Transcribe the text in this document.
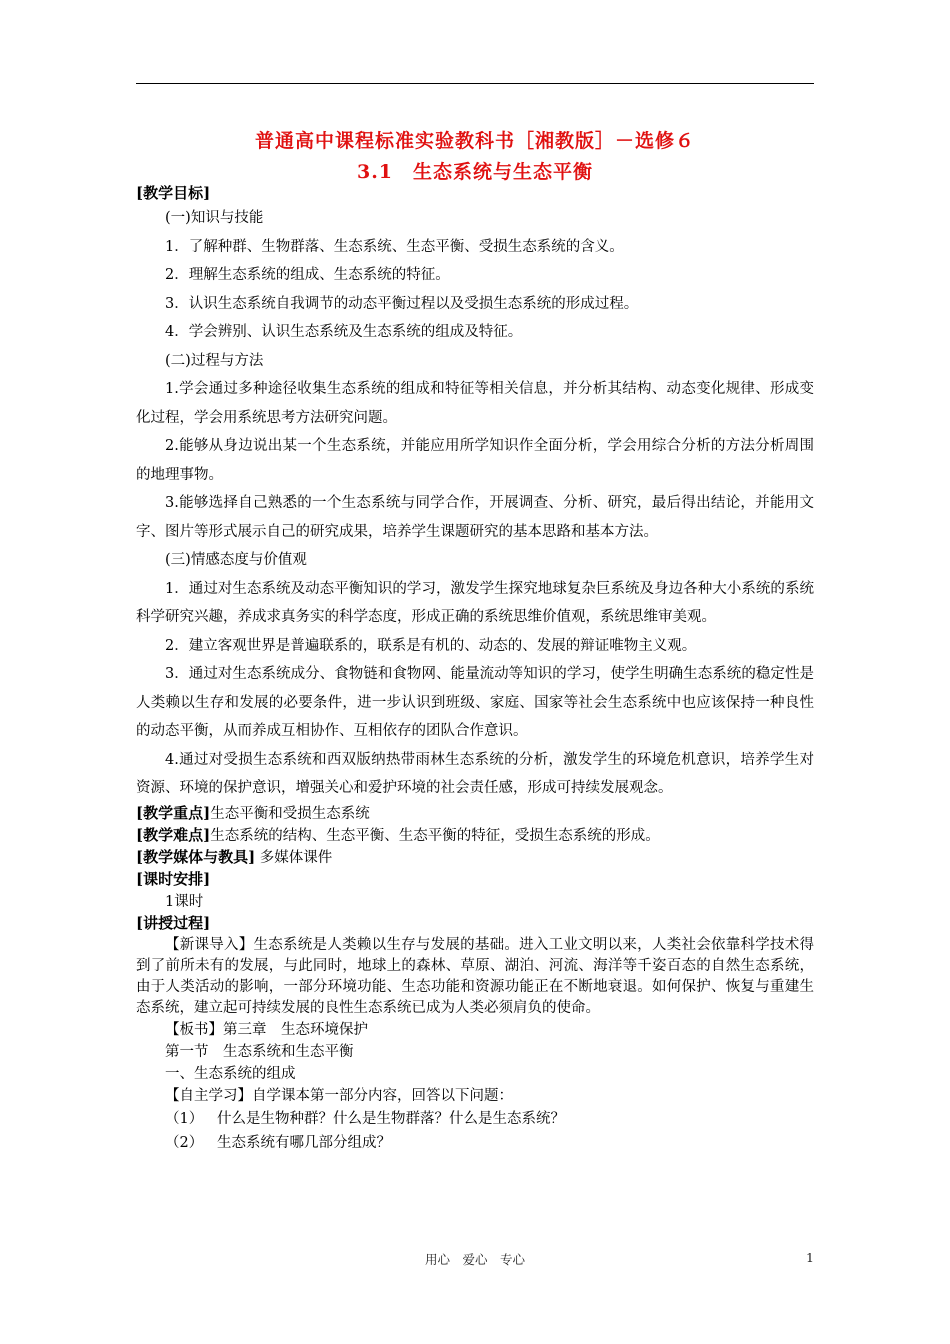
普通高中课程标准实验教科书［湘教版］－选修６
3.1　生态系统与生态平衡

[教学目标]

(一)知识与技能

1．了解种群、生物群落、生态系统、生态平衡、受损生态系统的含义。

2．理解生态系统的组成、生态系统的特征。

3．认识生态系统自我调节的动态平衡过程以及受损生态系统的形成过程。

4．学会辨别、认识生态系统及生态系统的组成及特征。

(二)过程与方法

1.学会通过多种途径收集生态系统的组成和特征等相关信息，并分析其结构、动态变化规律、形成变化过程，学会用系统思考方法研究问题。

2.能够从身边说出某一个生态系统，并能应用所学知识作全面分析，学会用综合分析的方法分析周围的地理事物。

3.能够选择自己熟悉的一个生态系统与同学合作，开展调查、分析、研究，最后得出结论，并能用文字、图片等形式展示自己的研究成果，培养学生课题研究的基本思路和基本方法。

(三)情感态度与价值观

1．通过对生态系统及动态平衡知识的学习，激发学生探究地球复杂巨系统及身边各种大小系统的系统科学研究兴趣，养成求真务实的科学态度，形成正确的系统思维价值观，系统思维审美观。

2．建立客观世界是普遍联系的，联系是有机的、动态的、发展的辩证唯物主义观。

3．通过对生态系统成分、食物链和食物网、能量流动等知识的学习，使学生明确生态系统的稳定性是人类赖以生存和发展的必要条件，进一步认识到班级、家庭、国家等社会生态系统中也应该保持一种良性的动态平衡，从而养成互相协作、互相依存的团队合作意识。

4.通过对受损生态系统和西双版纳热带雨林生态系统的分析，激发学生的环境危机意识，培养学生对资源、环境的保护意识，增强关心和爱护环境的社会责任感，形成可持续发展观念。

[教学重点]生态平衡和受损生态系统

[教学难点]生态系统的结构、生态平衡、生态平衡的特征，受损生态系统的形成。

[教学媒体与教具] 多媒体课件

[课时安排]

1课时

[讲授过程]

【新课导入】生态系统是人类赖以生存与发展的基础。进入工业文明以来，人类社会依靠科学技术得到了前所未有的发展，与此同时，地球上的森林、草原、湖泊、河流、海洋等千姿百态的自然生态系统，由于人类活动的影响，一部分环境功能、生态功能和资源功能正在不断地衰退。如何保护、恢复与重建生态系统，建立起可持续发展的良性生态系统已成为人类必须肩负的使命。

【板书】第三章　生态环境保护

第一节　生态系统和生态平衡

一、生态系统的组成

【自主学习】自学课本第一部分内容，回答以下问题：

（1） 什么是生物种群？什么是生物群落？什么是生态系统？

（2） 生态系统有哪几部分组成？

用心　爱心　专心	1
